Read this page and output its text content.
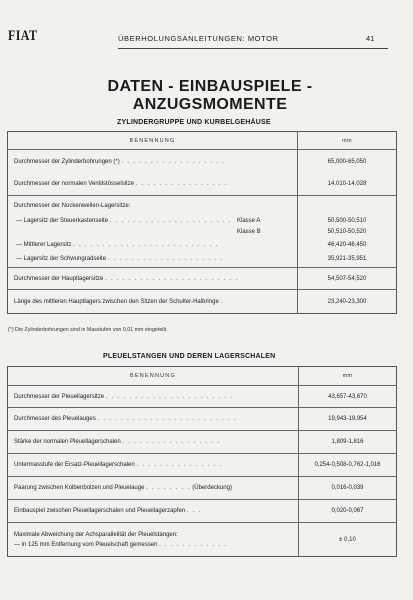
FIAT	ÜBERHOLUNGSANLEITUNGEN: MOTOR	41
DATEN - EINBAUSPIELE - ANZUGSMOMENTE
ZYLINDERGRUPPE UND KURBELGEHÄUSE
BENENNUNG	mm
Durchmesser der Zylinderbohrungen (*) . . . . . . . . . . . . . . . . . .	65,000-65,050
Durchmesser der normalen Ventilstösselsitze . . . . . . . . . . . . . . . .	14,010-14,028
Durchmesser der Nockenwellen-Lagersitze:	
— Lagersitz der Steuerkastenseite . . . . . . . . . . . . . . . . . . . . . Klasse A	50,500-50,510

Klasse B	50,510-50,520
— Mittlerer Lagersitz . . . . . . . . . . . . . . . . . . . . . . . . .	46,420-46,450
— Lagersitz der Schwungradseite . . . . . . . . . . . . . . . . . . . .	35,921-35,951
Durchmesser der Hauptlagersitze . . . . . . . . . . . . . . . . . . . . . . .	54,507-54,520
Länge des mittleren Hauptlagers zwischen den Sitzen der Schulter-Halbringe .	23,240-23,300
(*) Die Zylinderbohrungen sind in Masstufen von 0,01 mm eingeteilt.
PLEUELSTANGEN UND DEREN LAGERSCHALEN
BENENNUNG	mm
Durchmesser der Pleuellagersitze . . . . . . . . . . . . . . . . . . . . . .	43,657-43,670
Durchmesser des Pleuelauges . . . . . . . . . . . . . . . . . . . . . . . .	19,943-19,954
Stärke der normalen Pleuellagerschalen . . . . . . . . . . . . . . . . .	1,809-1,816
Untermasstufe der Ersatz-Pleuellagerschalen . . . . . . . . . . . . . . .	0,254-0,508-0,762-1,016
Paarung zwischen Kolbenbolzen und Pleuelauge . . . . . . . . (Überdeckung)	0,016-0,039
Einbauspiel zwischen Pleuellagerschalen und Pleuellagerzapfen . . .	0,020-0,067

Maximale Abweichung der Achsparallelität der Pleuelstangen:
— in 125 mm Entfernung vom Pleuelschaft gemessen . . . . . . . . . . . .	± 0,10
